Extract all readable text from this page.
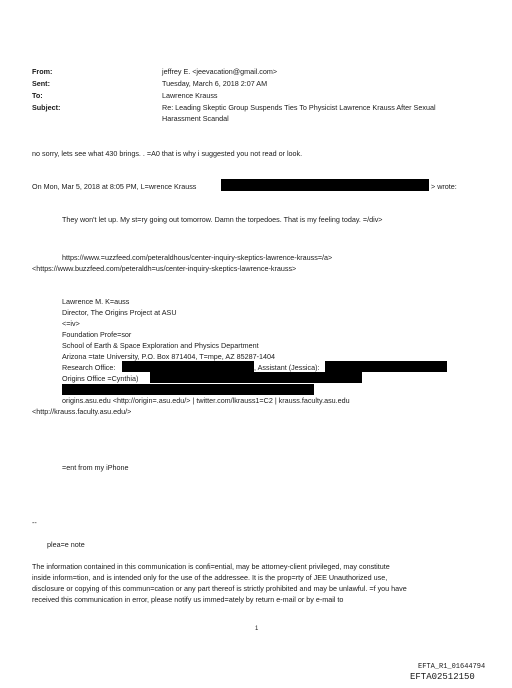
From:	jeffrey E. <jeevacation@gmail.com>
Sent:	Tuesday, March 6, 2018 2:07 AM
To:	Lawrence Krauss
Subject:	Re: Leading Skeptic Group Suspends Ties To Physicist Lawrence Krauss After Sexual
Harassment Scandal
no sorry, lets see what 430 brings. . =A0 that is why i suggested you not read or look.
On Mon, Mar 5, 2018 at 8:05 PM, L=wrence Krauss	> wrote:
They won't let up. My st=ry going out tomorrow. Damn the torpedoes. That is my feeling today. =/div>
https://www.=uzzfeed.com/peteraldhous/center-inquiry-skeptics-lawrence-krauss=/a>
<https://www.buzzfeed.com/peteraldh=us/center-inquiry-skeptics-lawrence-krauss>
Lawrence M. K=auss
Director, The Origins Project at ASU
<=iv>
Foundation Profe=sor
School of Earth & Space Exploration and Physics Department
Arizona =tate University, P.O. Box 871404, T=mpe, AZ 85287-1404
Research Office:	, Assistant (Jessica):
Origins Office =Cynthia)
origins.asu.edu <http://origin=.asu.edu/> | twitter.com/lkrauss1=C2 | krauss.faculty.asu.edu
<http://krauss.faculty.asu.edu/>
=ent from my iPhone
--
plea=e note
The information contained in this communication is confi=ential, may be attorney-client privileged, may constitute
inside inform=tion, and is intended only for the use of the addressee. It is the prop=rty of JEE Unauthorized use,
disclosure or copying of this commun=cation or any part thereof is strictly prohibited and may be unlawful. =f you have
received this communication in error, please notify us immed=ately by return e-mail or by e-mail to
1
EFTA_R1_01644794
EFTA02512150
